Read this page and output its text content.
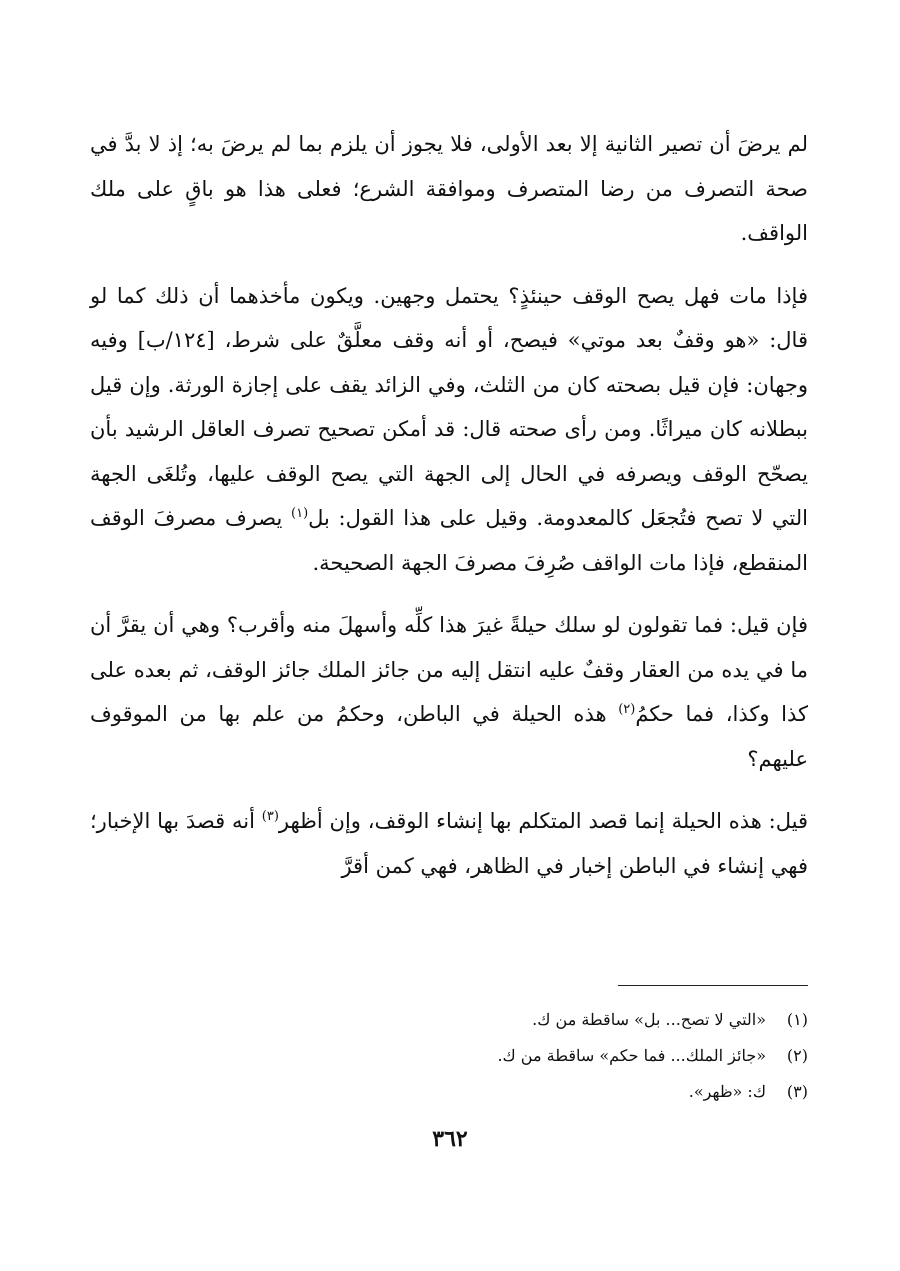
لم يرضَ أن تصير الثانية إلا بعد الأولى، فلا يجوز أن يلزم بما لم يرضَ به؛ إذ لا بدَّ في صحة التصرف من رضا المتصرف وموافقة الشرع؛ فعلى هذا هو باقٍ على ملك الواقف.

فإذا مات فهل يصح الوقف حينئذٍ؟ يحتمل وجهين. ويكون مأخذهما أن ذلك كما لو قال: «هو وقفٌ بعد موتي» فيصح، أو أنه وقف معلَّقٌ على شرط، [١٢٤/ب] وفيه وجهان: فإن قيل بصحته كان من الثلث، وفي الزائد يقف على إجازة الورثة. وإن قيل ببطلانه كان ميراثًا. ومن رأى صحته قال: قد أمكن تصحيح تصرف العاقل الرشيد بأن يصحّح الوقف ويصرفه في الحال إلى الجهة التي يصح الوقف عليها، وتُلغَى الجهة التي لا تصح فتُجعَل كالمعدومة. وقيل على هذا القول: بل$^{(١)}$ يصرف مصرفَ الوقف المنقطع، فإذا مات الواقف صُرِفَ مصرفَ الجهة الصحيحة.

فإن قيل: فما تقولون لو سلك حيلةً غيرَ هذا كلِّه وأسهلَ منه وأقرب؟ وهي أن يقرَّ أن ما في يده من العقار وقفٌ عليه انتقل إليه من جائز الملك جائز الوقف، ثم بعده على كذا وكذا، فما حكمُ$^{(٢)}$ هذه الحيلة في الباطن، وحكمُ من علم بها من الموقوف عليهم؟

قيل: هذه الحيلة إنما قصد المتكلم بها إنشاء الوقف، وإن أظهر$^{(٣)}$ أنه قصدَ بها الإخبار؛ فهي إنشاء في الباطن إخبار في الظاهر، فهي كمن أقرَّ

(١)«التي لا تصح... بل» ساقطة من ك.
(٢)«جائز الملك... فما حكم» ساقطة من ك.
(٣)ك: «ظهر».
٣٦٢
